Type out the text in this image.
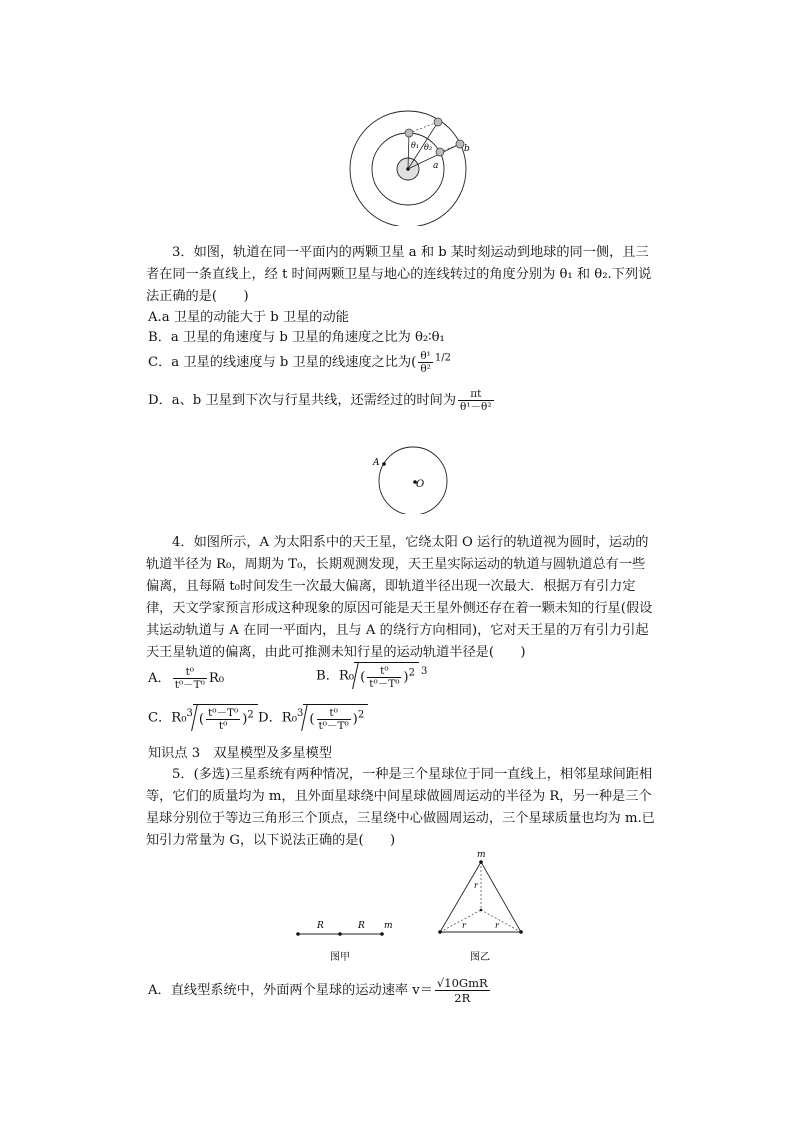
θ₁ θ₂
a
b
3．如图，轨道在同一平面内的两颗卫星 a 和 b 某时刻运动到地球的同一侧，且三者在同一条直线上，经 t 时间两颗卫星与地心的连线转过的角度分别为 θ₁ 和 θ₂.下列说法正确的是(　　)
A.a 卫星的动能大于 b 卫星的动能
B．a 卫星的角速度与 b 卫星的角速度之比为 θ₂∶θ₁
C．a 卫星的线速度与 b 卫星的线速度之比为( $\frac{\text{θ¹}}{\text{θ²}} ^{1/2}$
D．a、b 卫星到下次与行星共线，还需经过的时间为 $\frac{\pi t}{\text{θ¹－θ²}}$
A
O
4．如图所示，A 为太阳系中的天王星，它绕太阳 O 运行的轨道视为圆时，运动的轨道半径为 R₀，周期为 T₀，长期观测发现，天王星实际运动的轨道与圆轨道总有一些偏离，且每隔 t₀时间发生一次最大偏离，即轨道半径出现一次最大．根据万有引力定律，天文学家预言形成这种现象的原因可能是天王星外侧还存在着一颗未知的行星(假设其运动轨道与 A 在同一平面内，且与 A 的绕行方向相同)，它对天王星的万有引力引起天王星轨道的偏离，由此可推测未知行星的运动轨道半径是(　　)
A． $\frac{\text{t⁰}}{\text{t⁰－T⁰}} R_0$	B．R₀ ( $\frac{\text{t⁰}}{\text{t⁰－T⁰}} )^2$ $^3$
C．R₀$^3$ ( $\frac{\text{t⁰－T⁰}}{\text{t⁰}} )^2$ D．R₀$^3$ ( $\frac{\text{t⁰}}{\text{t⁰－T⁰}} )^2$
知识点 3　双星模型及多星模型
5．(多选)三星系统有两种情况，一种是三个星球位于同一直线上，相邻星球间距相等，它们的质量均为 m，且外面星球绕中间星球做圆周运动的半径为 R，另一种是三个星球分别位于等边三角形三个顶点，三星绕中心做圆周运动，三个星球质量也均为 m.已知引力常量为 G，以下说法正确的是(　　)
R	R m
图甲
m
r
r	r
图乙
A．直线型系统中，外面两个星球的运动速率 $v= \frac{\text{√10GmR}}{2R}$
